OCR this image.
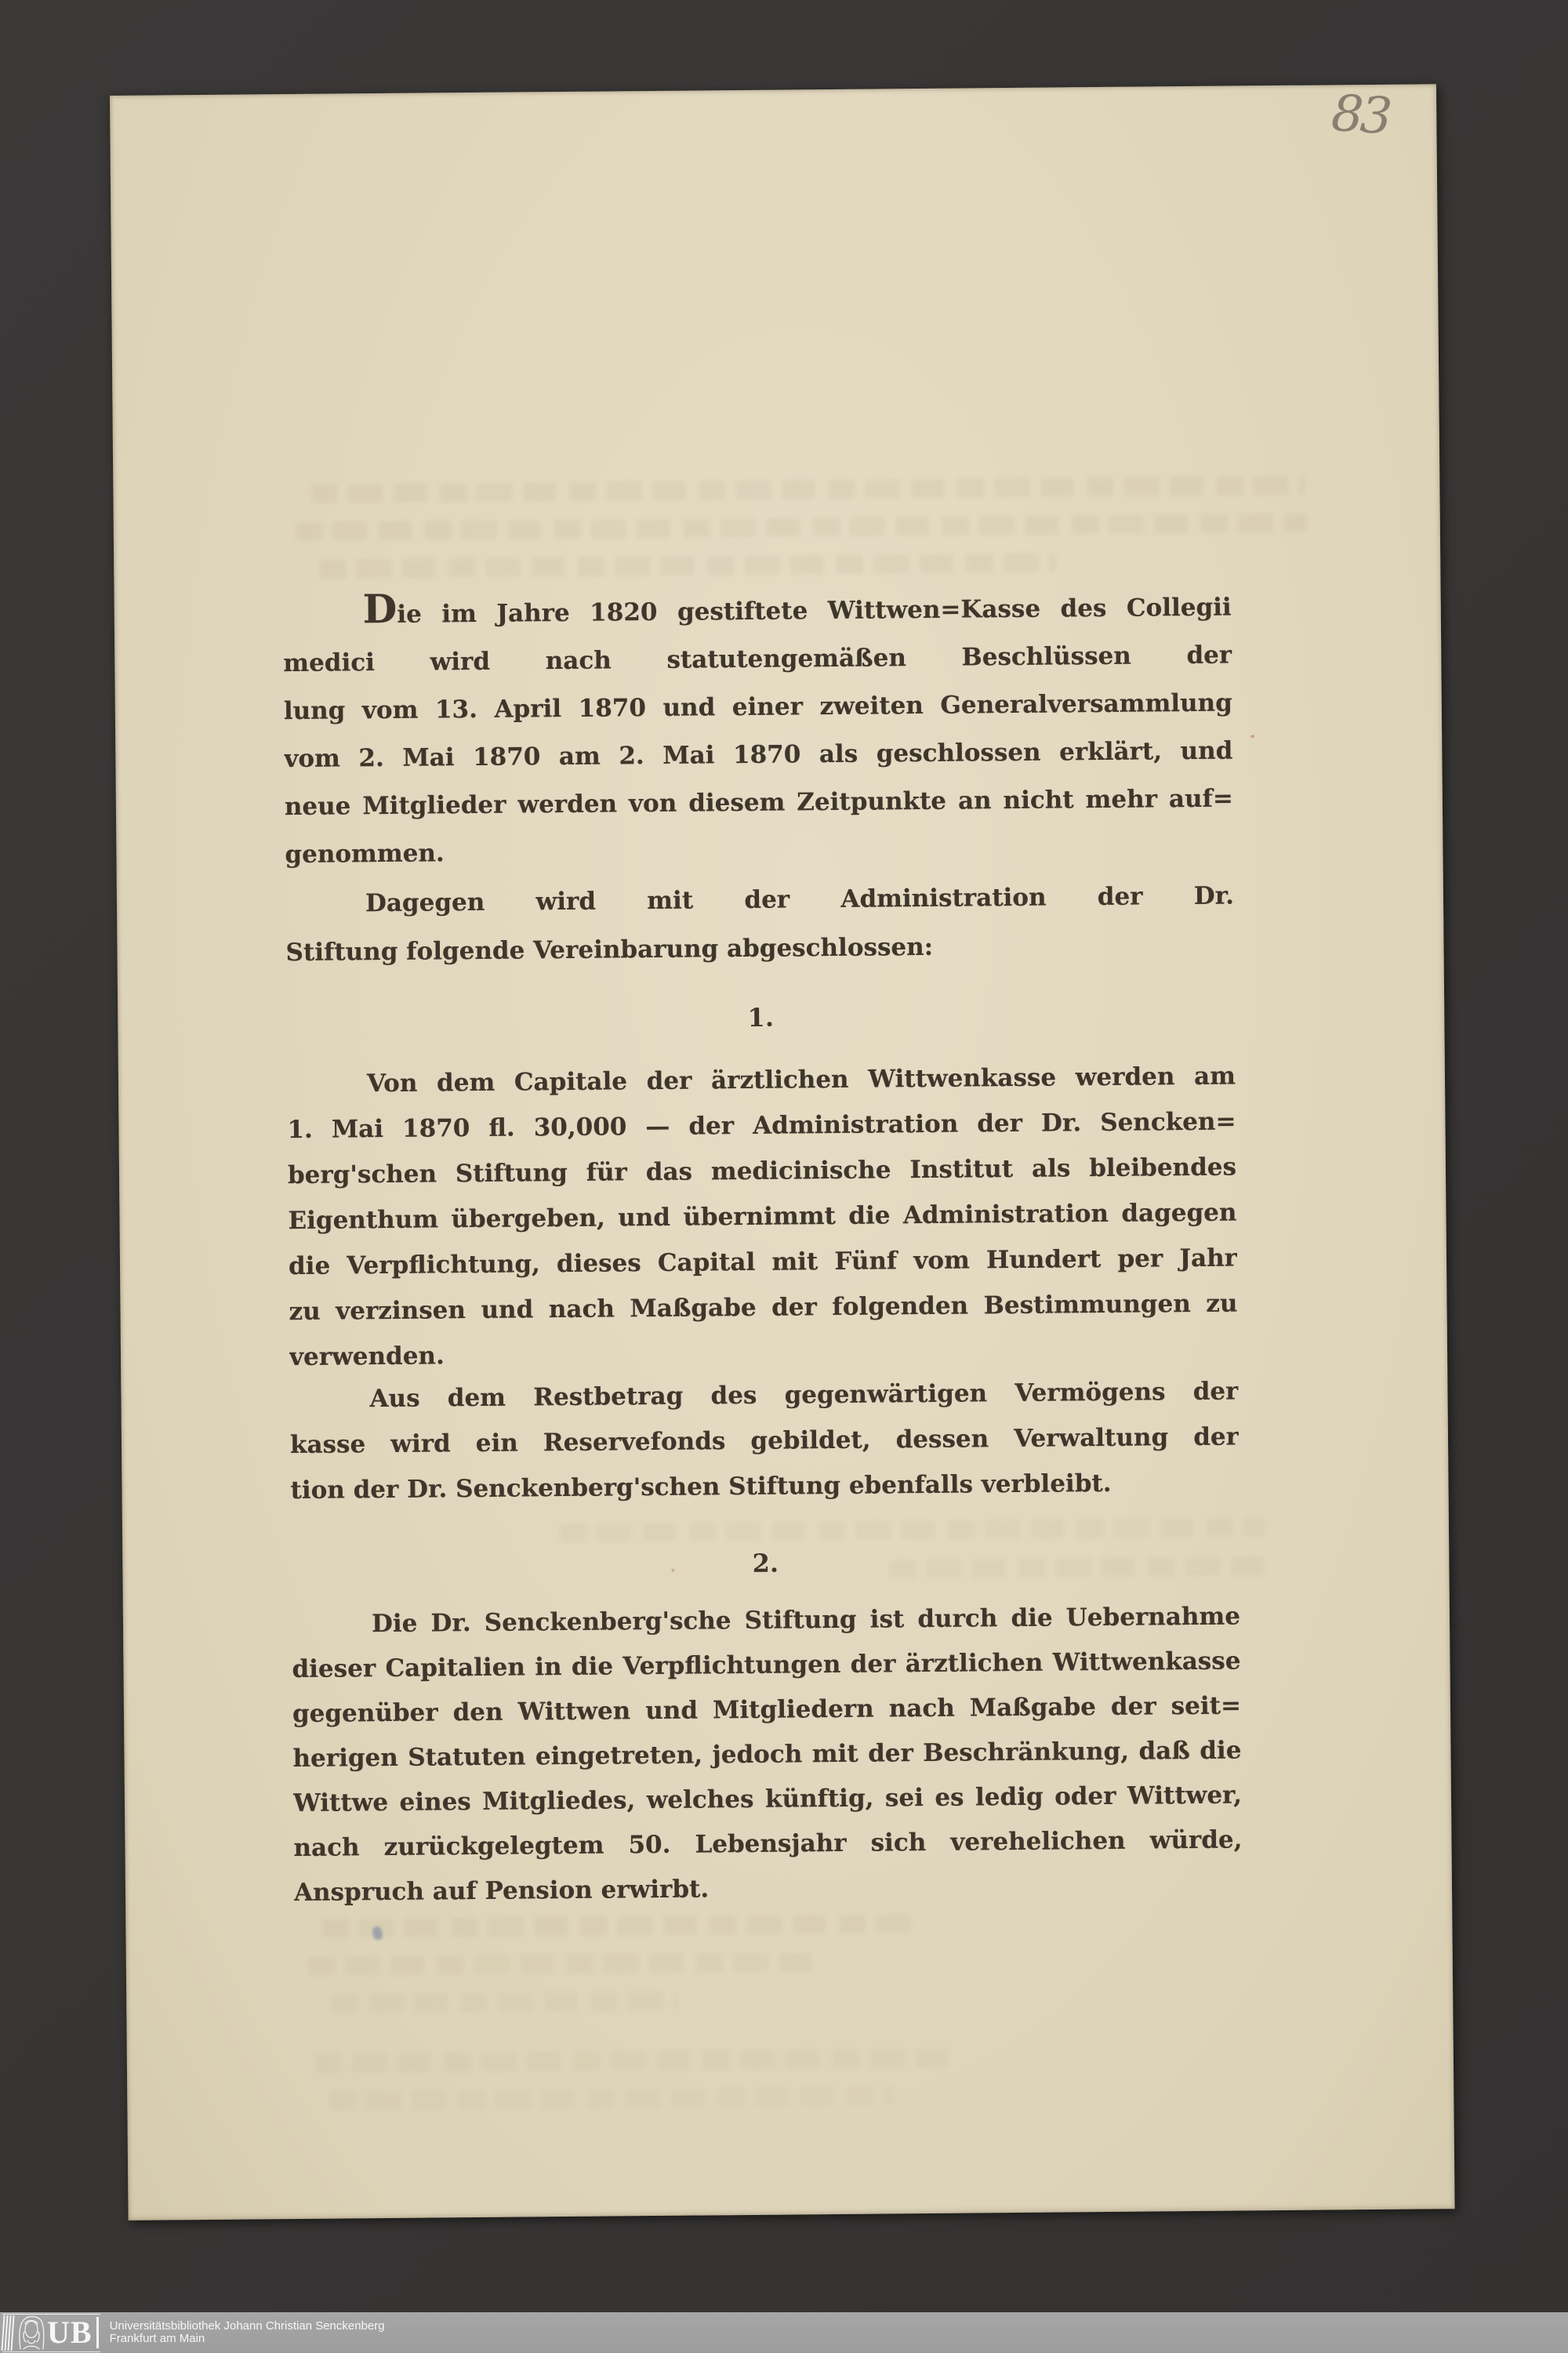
83
Die im Jahre 1820 gestiftete Wittwen=Kasse des Collegii
medici wird nach statutengemäßen Beschlüssen der
lung vom 13. April 1870 und einer zweiten Generalversammlung
vom 2. Mai 1870 am 2. Mai 1870 als geschlossen erklärt, und
neue Mitglieder werden von diesem Zeitpunkte an nicht mehr auf=
genommen.
Dagegen wird mit der Administration der Dr.
Stiftung folgende Vereinbarung abgeschlossen:
1.
Von dem Capitale der ärztlichen Wittwenkasse werden am
1. Mai 1870 fl. 30,000 — der Administration der Dr. Sencken=
berg'schen Stiftung für das medicinische Institut als bleibendes
Eigenthum übergeben, und übernimmt die Administration dagegen
die Verpflichtung, dieses Capital mit Fünf vom Hundert per Jahr
zu verzinsen und nach Maßgabe der folgenden Bestimmungen zu
verwenden.
Aus dem Restbetrag des gegenwärtigen Vermögens der
kasse wird ein Reservefonds gebildet, dessen Verwaltung der
tion der Dr. Senckenberg'schen Stiftung ebenfalls verbleibt.
2.
Die Dr. Senckenberg'sche Stiftung ist durch die Uebernahme
dieser Capitalien in die Verpflichtungen der ärztlichen Wittwenkasse
gegenüber den Wittwen und Mitgliedern nach Maßgabe der seit=
herigen Statuten eingetreten, jedoch mit der Beschränkung, daß die
Wittwe eines Mitgliedes, welches künftig, sei es ledig oder Wittwer,
nach zurückgelegtem 50. Lebensjahr sich verehelichen würde,
Anspruch auf Pension erwirbt.
UB Universitätsbibliothek Johann Christian Senckenberg
Frankfurt am Main
